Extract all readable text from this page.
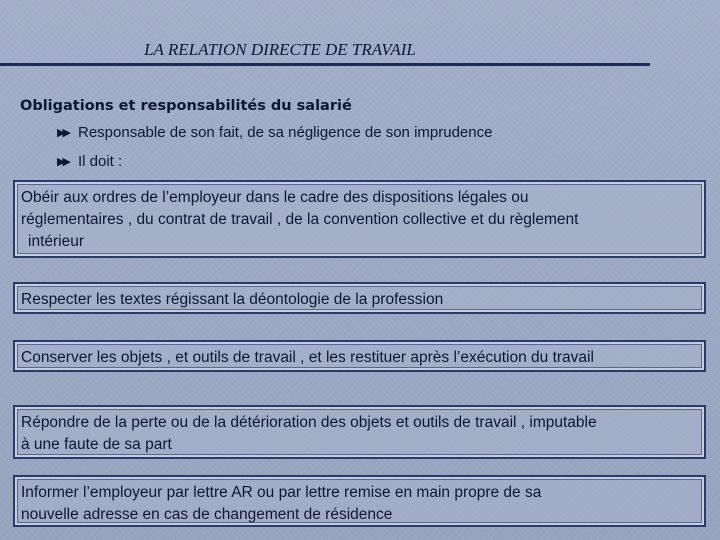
LA RELATION DIRECTE DE TRAVAIL
Obligations et responsabilités du salarié
▶▶ Responsable de son fait, de sa négligence de son imprudence
▶▶ Il doit :
Obéir aux ordres de l’employeur dans le cadre des dispositions légales ou
réglementaires , du contrat de travail , de la convention collective et du règlement
intérieur
Respecter les textes régissant la déontologie de la profession
Conserver les objets , et outils de travail , et les restituer après l’exécution du travail
Répondre de la perte ou de la détérioration des objets et outils de travail , imputable
à une faute de sa part
Informer l’employeur par lettre AR ou par lettre remise en main propre de sa
nouvelle adresse en cas de changement de résidence
